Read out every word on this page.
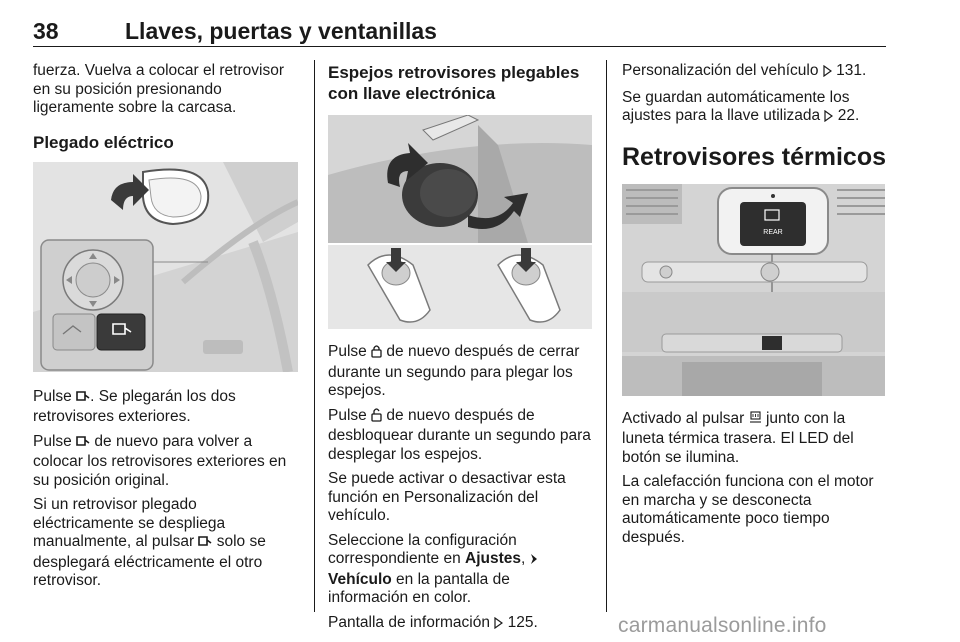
38	Llaves, puertas y ventanillas

fuerza. Vuelva a colocar el retrovisor en su posición presionando ligeramente sobre la carcasa.

Plegado eléctrico

Pulse . Se plegarán los dos retrovisores exteriores.

Pulse  de nuevo para volver a colocar los retrovisores exteriores en su posición original.

Si un retrovisor plegado eléctricamente se despliega manualmente, al pulsar  solo se desplegará eléctricamente el otro retrovisor.

Espejos retrovisores plegables con llave electrónica

Pulse  de nuevo después de cerrar durante un segundo para plegar los espejos.

Pulse  de nuevo después de desbloquear durante un segundo para desplegar los espejos.

Se puede activar o desactivar esta función en Personalización del vehículo.

Seleccione la configuración correspondiente en Ajustes, Vehículo en la pantalla de información en color.

Pantalla de información  125.

Personalización del vehículo  131.

Se guardan automáticamente los ajustes para la llave utilizada  22.

Retrovisores térmicos
REAR

Activado al pulsar  junto con la luneta térmica trasera. El LED del botón se ilumina.

La calefacción funciona con el motor en marcha y se desconecta automáticamente poco tiempo después.

carmanualsonline.info
